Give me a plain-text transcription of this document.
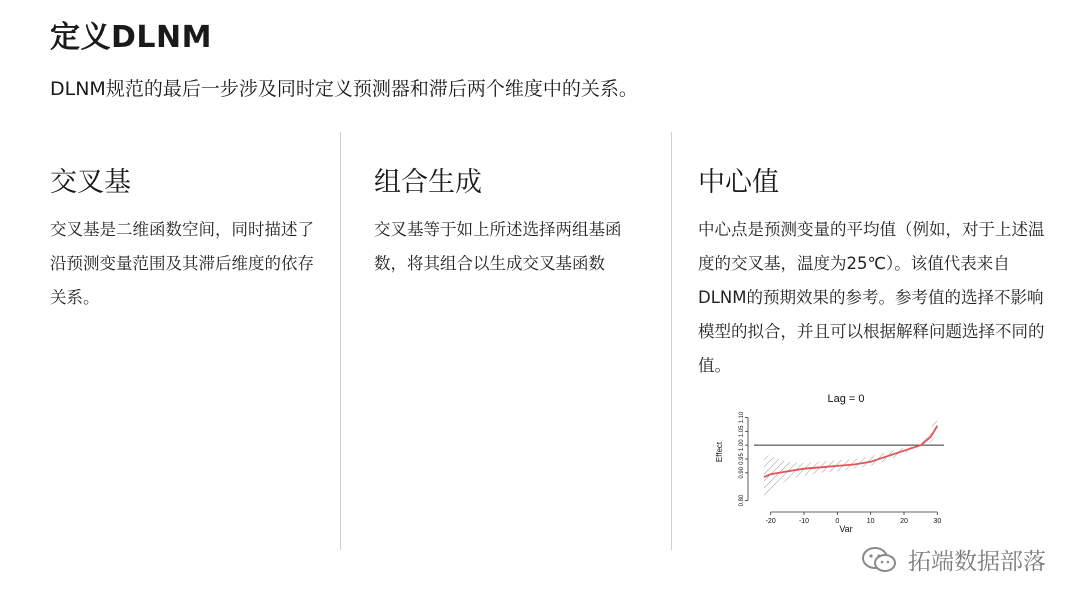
定义DLNM
DLNM规范的最后一步涉及同时定义预测器和滞后两个维度中的关系。
交叉基

交叉基是二维函数空间，同时描述了沿预测变量范围及其滞后维度的依存关系。

组合生成

交叉基等于如上所述选择两组基函数，将其组合以生成交叉基函数

中心值

中心点是预测变量的平均值（例如，对于上述温度的交叉基，温度为25℃）。该值代表来自DLNM的预期效果的参考。参考值的选择不影响模型的拟合，并且可以根据解释问题选择不同的值。

Lag = 0
Effect
Var
-20	-10	0	10	20	30
0.80
0.90
0.95
1.00
1.05
1.10
拓端数据部落
